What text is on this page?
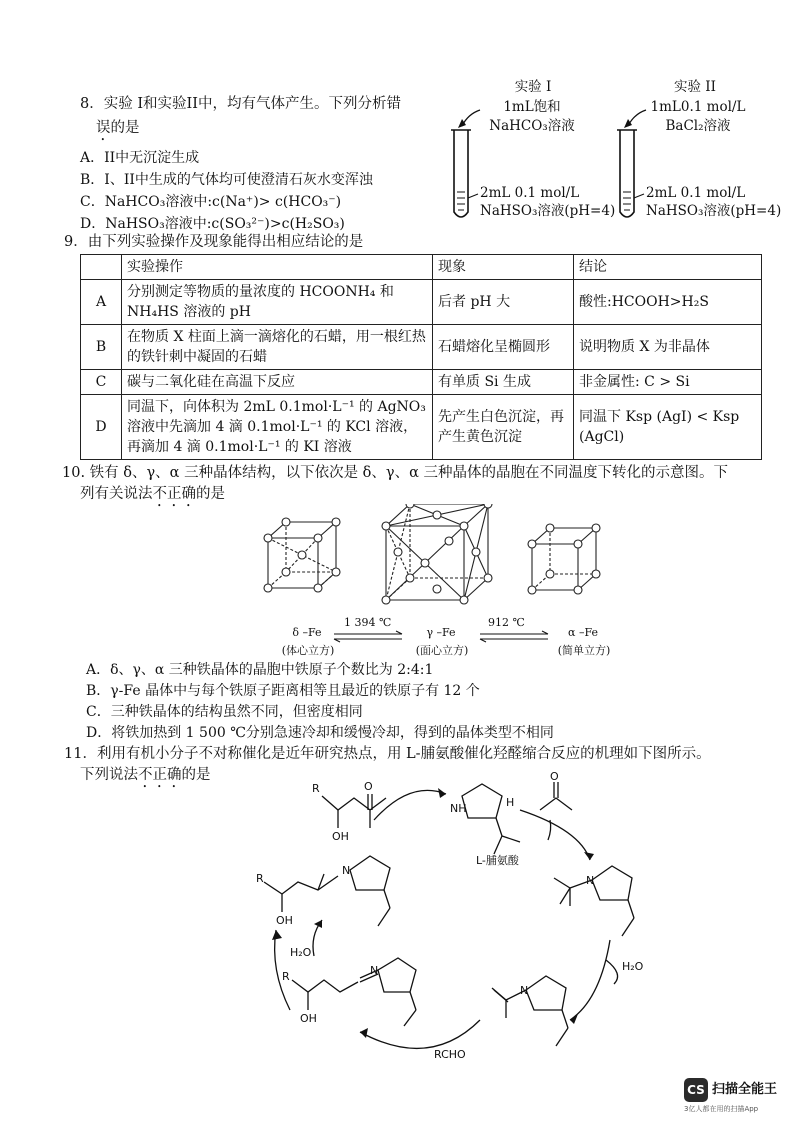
8．实验 I和实验II中，均有气体产生。下列分析错
误的是
A．II中无沉淀生成
B．I、II中生成的气体均可使澄清石灰水变浑浊
C．NaHCO₃溶液中:c(Na⁺)> c(HCO₃⁻)
D．NaHSO₃溶液中:c(SO₃²⁻)>c(H₂SO₃)
实验 I
1mL饱和
NaHCO₃溶液
2mL 0.1 mol/L
NaHSO₃溶液(pH=4)
实验 II
1mL0.1 mol/L
BaCl₂溶液
2mL 0.1 mol/L
NaHSO₃溶液(pH=4)
9．由下列实验操作及现象能得出相应结论的是
	实验操作	现象	结论
A	分别测定等物质的量浓度的 HCOONH₄ 和 NH₄HS 溶液的 pH	后者 pH 大	酸性:HCOOH>H₂S
B	在物质 X 柱面上滴一滴熔化的石蜡，用一根红热的铁针刺中凝固的石蜡	石蜡熔化呈椭圆形	说明物质 X 为非晶体
C	碳与二氧化硅在高温下反应	有单质 Si 生成	非金属性: C > Si
D	同温下，向体积为 2mL 0.1mol·L⁻¹ 的 AgNO₃ 溶液中先滴加 4 滴 0.1mol·L⁻¹ 的 KCl 溶液，再滴加 4 滴 0.1mol·L⁻¹ 的 KI 溶液	先产生白色沉淀，再产生黄色沉淀	同温下 Ksp (AgI) < Ksp (AgCl)
10. 铁有 δ、γ、α 三种晶体结构，以下依次是 δ、γ、α 三种晶体的晶胞在不同温度下转化的示意图。下
列有关说法不正确的是
1 394 ℃	912 ℃
δ –Fe
(体心立方)
γ –Fe
(面心立方)
α –Fe
(简单立方)
A．δ、γ、α 三种铁晶体的晶胞中铁原子个数比为 2:4:1
B．γ-Fe 晶体中与每个铁原子距离相等且最近的铁原子有 12 个
C．三种铁晶体的结构虽然不同，但密度相同
D．将铁加热到 1 500 ℃分别急速冷却和缓慢冷却，得到的晶体类型不相同
11．利用有机小分子不对称催化是近年研究热点，用 L-脯氨酸催化羟醛缩合反应的机理如下图所示。
下列说法不正确的是
R
OH
O
NH	H
L-脯氨酸
O
N
H₂O
N
RCHO
R
OH
N
H₂O
R
OH
N
CS 扫描全能王
3亿人都在用的扫描App
